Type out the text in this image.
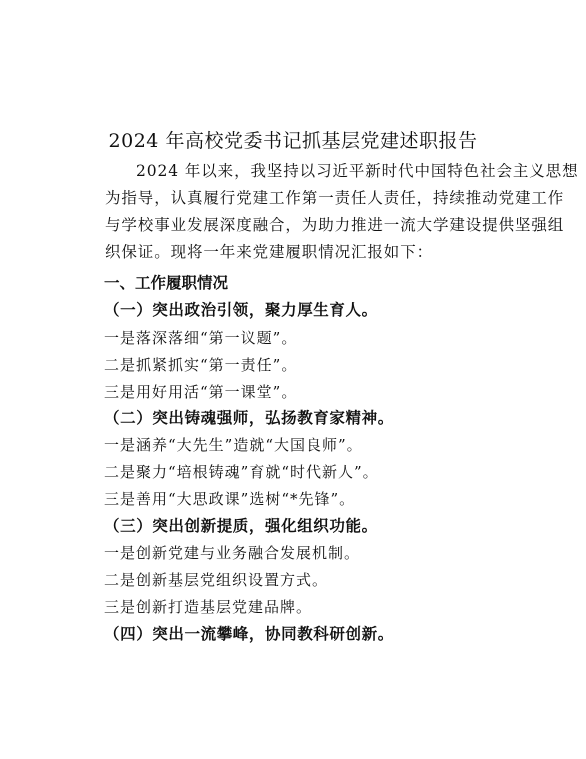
2024 年高校党委书记抓基层党建述职报告
2024 年以来，我坚持以习近平新时代中国特色社会主义思想
为指导，认真履行党建工作第一责任人责任，持续推动党建工作
与学校事业发展深度融合，为助力推进一流大学建设提供坚强组
织保证。现将一年来党建履职情况汇报如下：
一、工作履职情况
（一）突出政治引领，聚力厚生育人。
一是落深落细“第一议题”。
二是抓紧抓实“第一责任”。
三是用好用活“第一课堂”。
（二）突出铸魂强师，弘扬教育家精神。
一是涵养“大先生”造就“大国良师”。
二是聚力“培根铸魂”育就“时代新人”。
三是善用“大思政课”选树“*先锋”。
（三）突出创新提质，强化组织功能。
一是创新党建与业务融合发展机制。
二是创新基层党组织设置方式。
三是创新打造基层党建品牌。
（四）突出一流攀峰，协同教科研创新。
